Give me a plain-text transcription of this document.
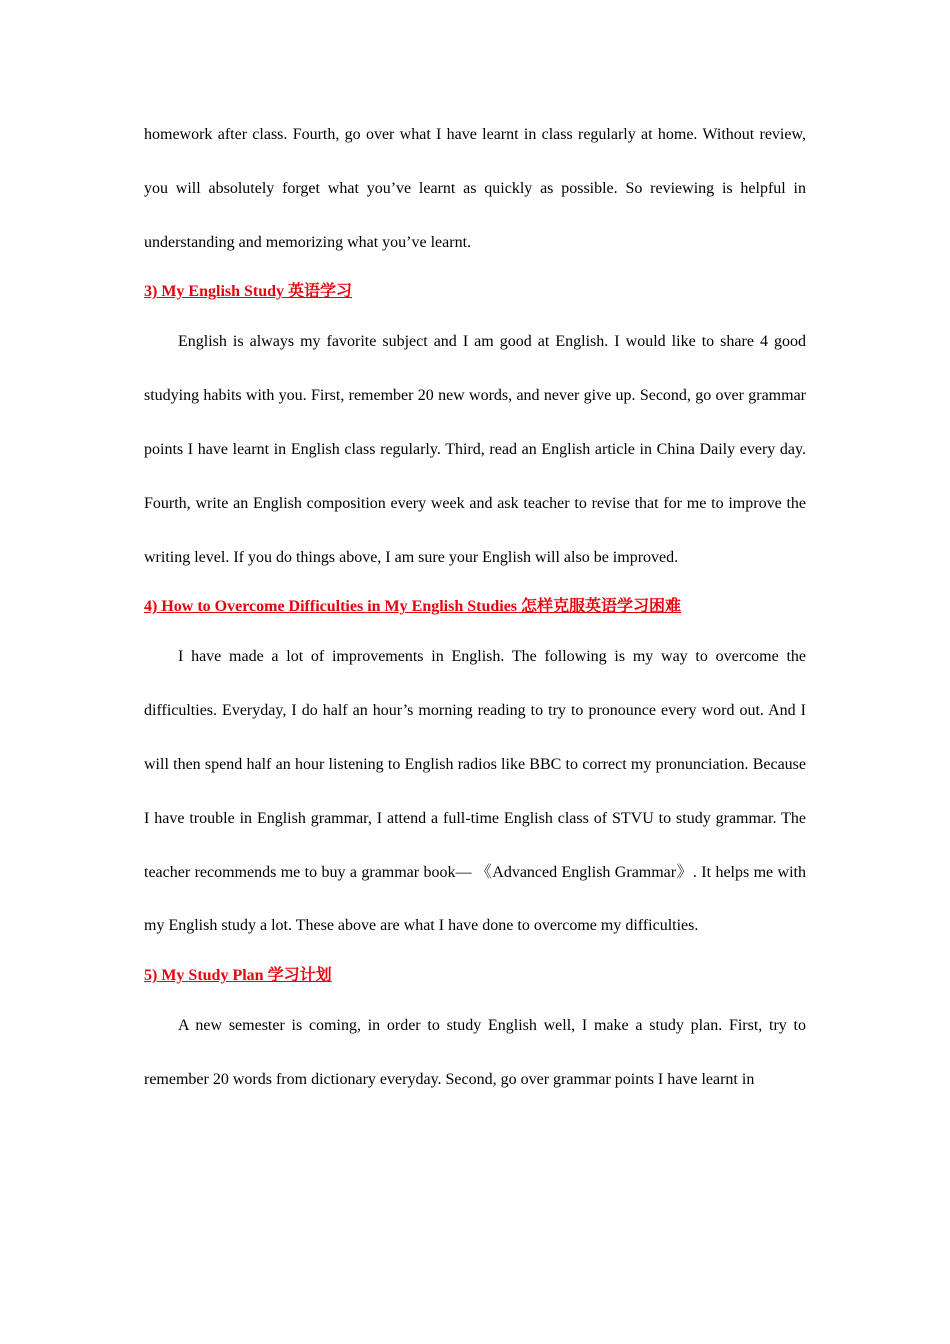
homework after class. Fourth, go over what I have learnt in class regularly at home. Without review, you will absolutely forget what you’ve learnt as quickly as possible. So reviewing is helpful in understanding and memorizing what you’ve learnt.

3) My English Study 英语学习

English is always my favorite subject and I am good at English. I would like to share 4 good studying habits with you. First, remember 20 new words, and never give up. Second, go over grammar points I have learnt in English class regularly. Third, read an English article in China Daily every day. Fourth, write an English composition every week and ask teacher to revise that for me to improve the writing level. If you do things above, I am sure your English will also be improved.

4) How to Overcome Difficulties in My English Studies 怎样克服英语学习困难

I have made a lot of improvements in English. The following is my way to overcome the difficulties. Everyday, I do half an hour’s morning reading to try to pronounce every word out. And I will then spend half an hour listening to English radios like BBC to correct my pronunciation. Because I have trouble in English grammar, I attend a full-time English class of STVU to study grammar. The teacher recommends me to buy a grammar book— 《Advanced English Grammar》. It helps me with my English study a lot. These above are what I have done to overcome my difficulties.

5) My Study Plan 学习计划

A new semester is coming, in order to study English well, I make a study plan. First, try to remember 20 words from dictionary everyday. Second, go over grammar points I have learnt in
